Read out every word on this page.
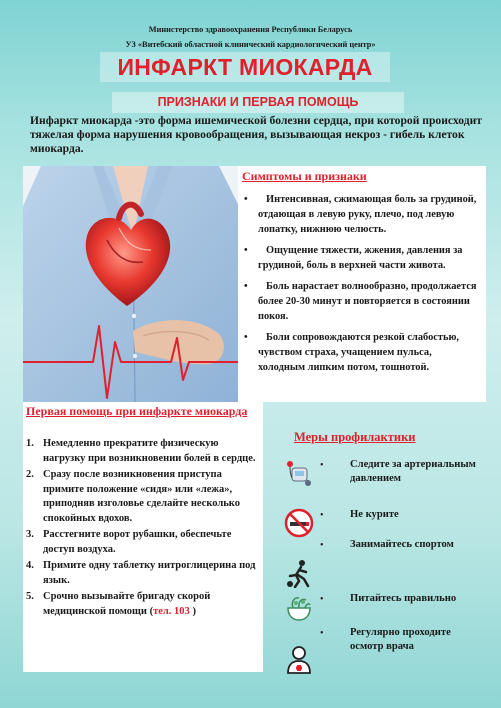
Министерство здравоохранения Республики Беларусь
УЗ «Витебский областной клинический кардиологический центр»
ИНФАРКТ МИОКАРДА
ПРИЗНАКИ И ПЕРВАЯ ПОМОЩЬ
Инфаркт миокарда -это форма ишемической болезни сердца, при которой происходит тяжелая форма нарушения кровообращения, вызывающая некроз - гибель клеток миокарда.
Симптомы и признаки
• Интенсивная, сжимающая боль за грудиной, отдающая в левую руку, плечо, под левую лопатку, нижнюю челюсть.
• Ощущение тяжести, жжения, давления за грудиной, боль в верхней части живота.
• Боль нарастает волнообразно, продолжается более 20-30 минут и повторяется в состоянии покоя.
• Боли сопровождаются резкой слабостью, чувством страха, учащением пульса, холодным липким потом, тошнотой.
Первая помощь при инфаркте миокарда
1. Немедленно прекратите физическую нагрузку при возникновении болей в сердце.
2. Сразу после возникновения приступа примите положение «сидя» или «лежа», приподняв изголовье сделайте несколько спокойных вдохов.
3. Расстегните ворот рубашки, обеспечьте доступ воздуха.
4. Примите одну таблетку нитроглицерина под язык.
5. Срочно вызывайте бригаду скорой медицинской помощи (тел. 103 )
Меры профилактики
• Следите за артериальным давлением
• Не курите
• Занимайтесь спортом
• Питайтесь правильно
• Регулярно проходите осмотр врача
